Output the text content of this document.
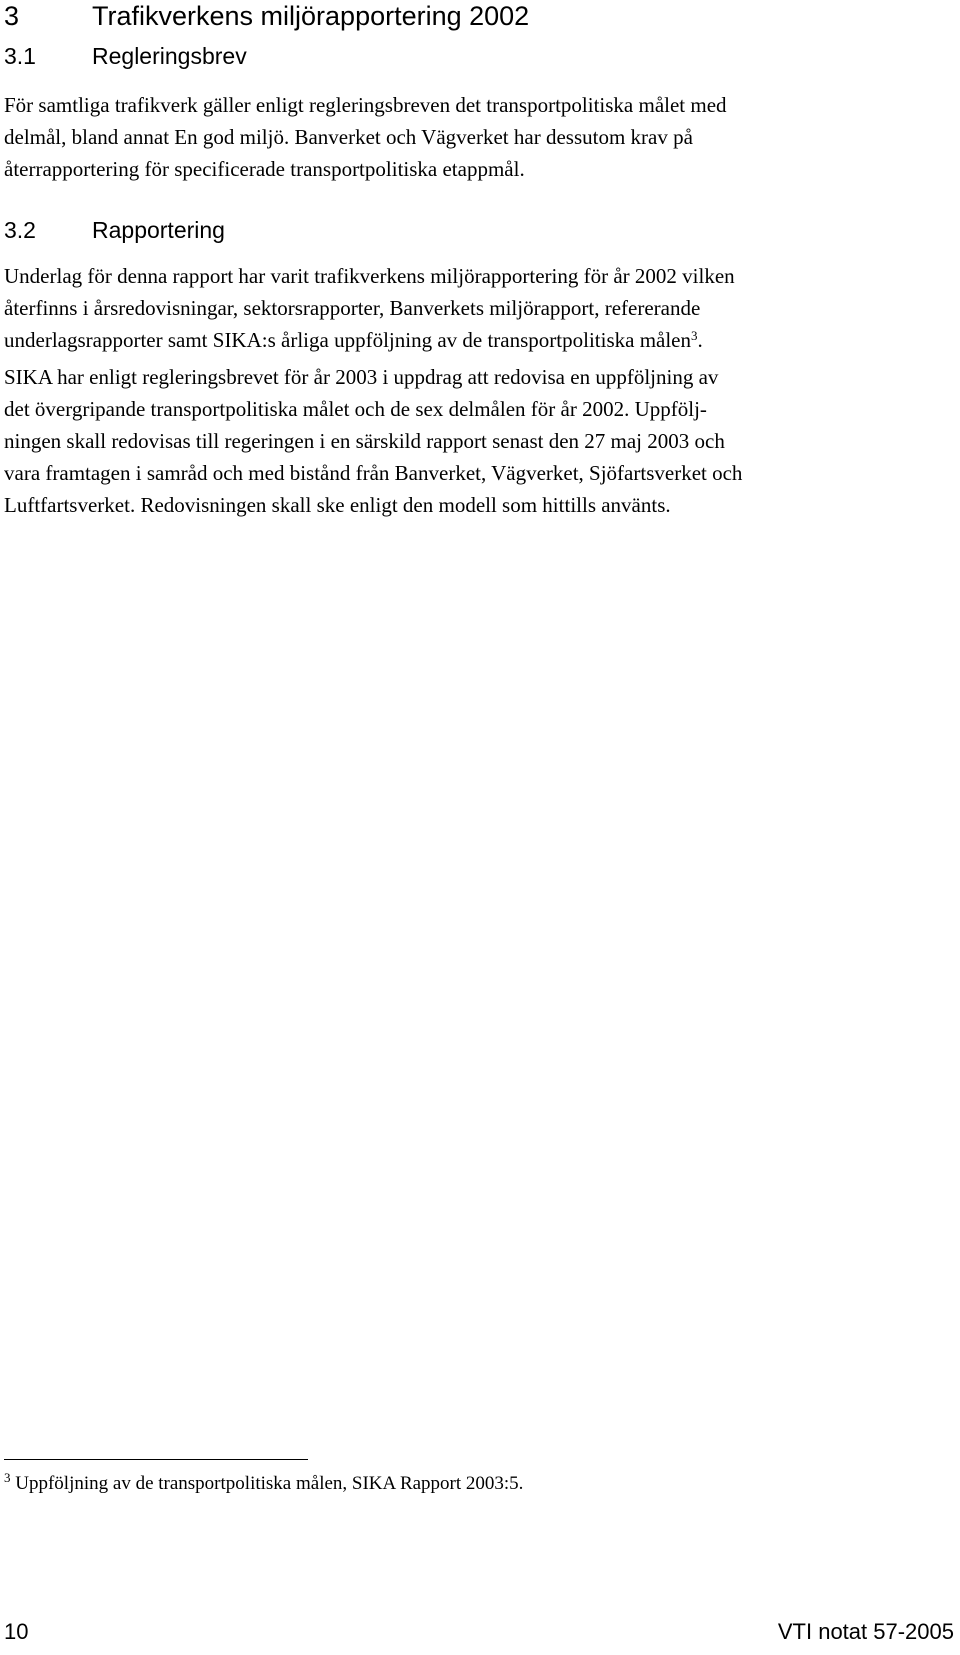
3	Trafikverkens miljörapportering 2002
3.1 Regleringsbrev
För samtliga trafikverk gäller enligt regleringsbreven det transportpolitiska målet med
delmål, bland annat En god miljö. Banverket och Vägverket har dessutom krav på
återrapportering för specificerade transportpolitiska etappmål.
3.2 Rapportering
Underlag för denna rapport har varit trafikverkens miljörapportering för år 2002 vilken
återfinns i årsredovisningar, sektorsrapporter, Banverkets miljörapport, refererande
underlagsrapporter samt SIKA:s årliga uppföljning av de transportpolitiska målen$^3$.
SIKA har enligt regleringsbrevet för år 2003 i uppdrag att redovisa en uppföljning av
det övergripande transportpolitiska målet och de sex delmålen för år 2002. Uppfölj-
ningen skall redovisas till regeringen i en särskild rapport senast den 27 maj 2003 och
vara framtagen i samråd och med bistånd från Banverket, Vägverket, Sjöfartsverket och
Luftfartsverket. Redovisningen skall ske enligt den modell som hittills använts.
$^3$ Uppföljning av de transportpolitiska målen, SIKA Rapport 2003:5.
10	VTI notat 57-2005
